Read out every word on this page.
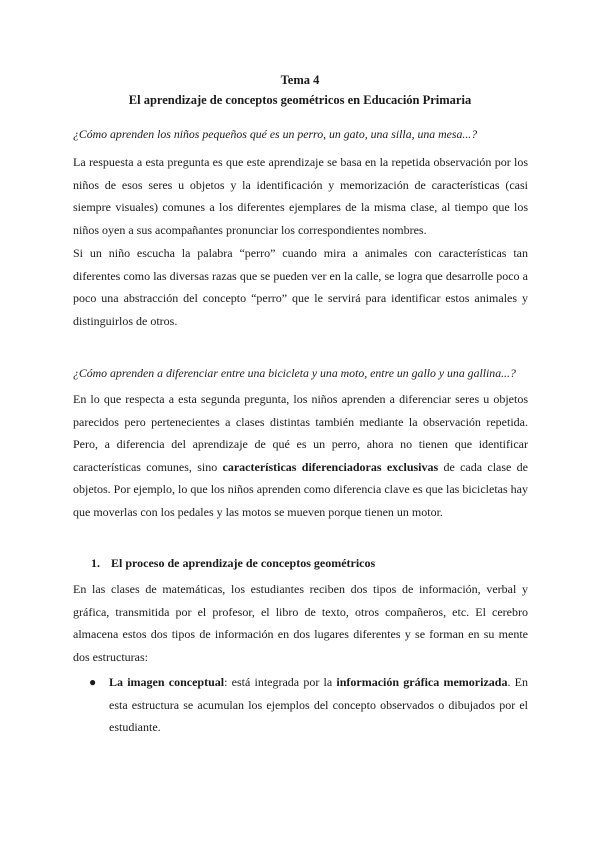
Tema 4
El aprendizaje de conceptos geométricos en Educación Primaria
¿Cómo aprenden los niños pequeños qué es un perro, un gato, una silla, una mesa...?

La respuesta a esta pregunta es que este aprendizaje se basa en la repetida observación por los niños de esos seres u objetos y la identificación y memorización de características (casi siempre visuales) comunes a los diferentes ejemplares de la misma clase, al tiempo que los niños oyen a sus acompañantes pronunciar los correspondientes nombres.

Si un niño escucha la palabra “perro” cuando mira a animales con características tan diferentes como las diversas razas que se pueden ver en la calle, se logra que desarrolle poco a poco una abstracción del concepto “perro” que le servirá para identificar estos animales y distinguirlos de otros.

¿Cómo aprenden a diferenciar entre una bicicleta y una moto, entre un gallo y una gallina...?

En lo que respecta a esta segunda pregunta, los niños aprenden a diferenciar seres u objetos parecidos pero pertenecientes a clases distintas también mediante la observación repetida. Pero, a diferencia del aprendizaje de qué es un perro, ahora no tienen que identificar características comunes, sino características diferenciadoras exclusivas de cada clase de objetos. Por ejemplo, lo que los niños aprenden como diferencia clave es que las bicicletas hay que moverlas con los pedales y las motos se mueven porque tienen un motor.

1. El proceso de aprendizaje de conceptos geométricos

En las clases de matemáticas, los estudiantes reciben dos tipos de información, verbal y gráfica, transmitida por el profesor, el libro de texto, otros compañeros, etc. El cerebro almacena estos dos tipos de información en dos lugares diferentes y se forman en su mente dos estructuras:

● La imagen conceptual: está integrada por la información gráfica memorizada. En esta estructura se acumulan los ejemplos del concepto observados o dibujados por el estudiante.
